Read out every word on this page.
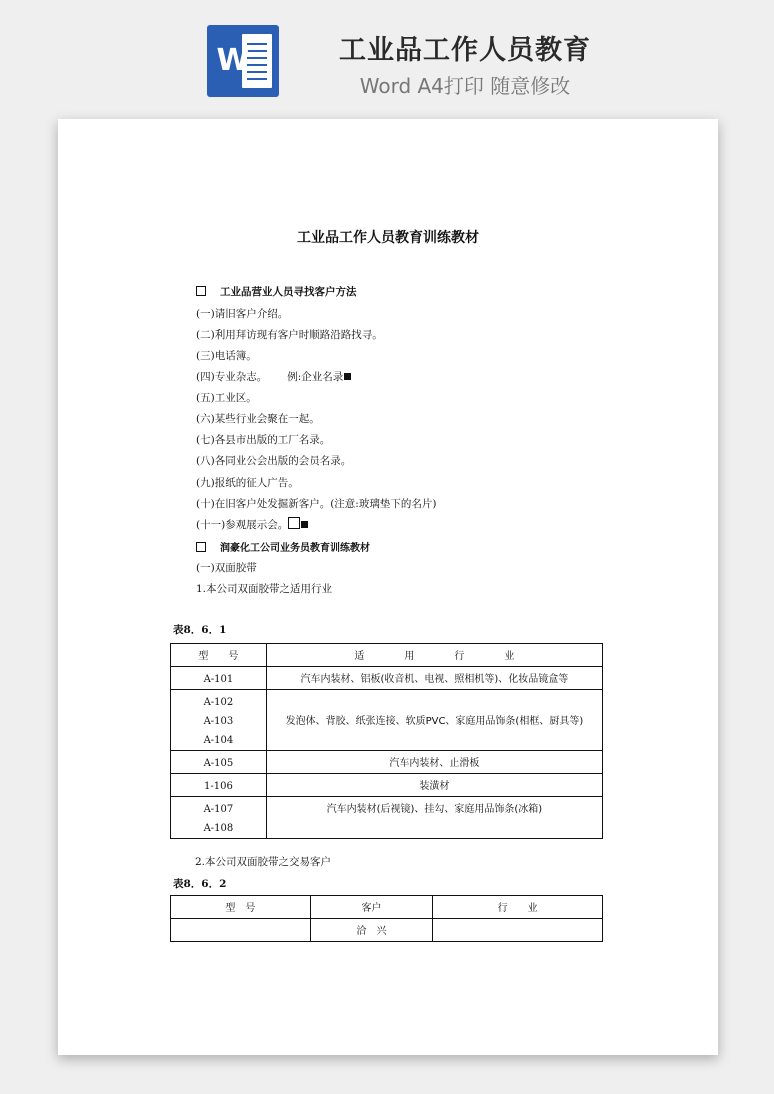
W	工业品工作人员教育
Word A4打印 随意修改

工业品工作人员教育训练教材
工业品营业人员寻找客户方法
(一)请旧客户介绍。
(二)利用拜访现有客户时顺路沿路找寻。
(三)电话簿。
(四)专业杂志。 例:企业名录
(五)工业区。
(六)某些行业会聚在一起。
(七)各县市出版的工厂名录。
(八)各同业公会出版的会员名录。
(九)报纸的征人广告。
(十)在旧客户处发掘新客户。(注意:玻璃垫下的名片)
(十一)参观展示会。
润豪化工公司业务员教育训练教材
(一)双面胶带
1.本公司双面胶带之适用行业
表8．6．1
型　　号	适　　　　用　　　　行　　　　业

A-101	汽车内装材、铝板(收音机、电视、照相机等)、化妆品镜盒等

A-102
A-103
A-104	发泡体、背胶、纸张连接、软质PVC、家庭用品饰条(相框、厨具等)

A-105	汽车内装材、止滑板

1-106	装潢材

A-107
A-108	汽车内装材(后视镜)、挂勾、家庭用品饰条(冰箱)
2.本公司双面胶带之交易客户
表8．6．2
型　号	客户	行　　业
	洽　兴	
